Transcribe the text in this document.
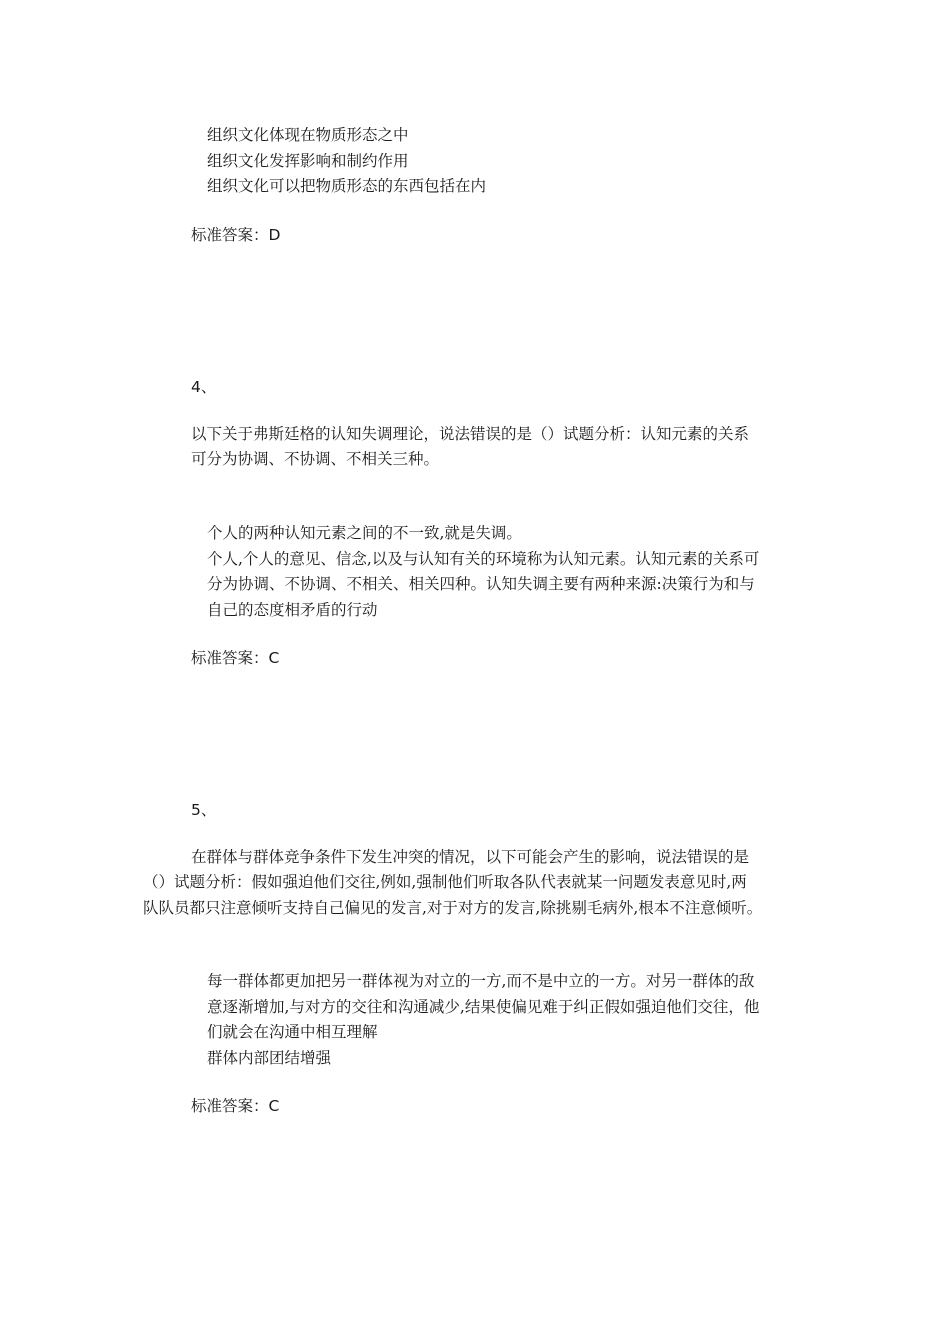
组织文化体现在物质形态之中
组织文化发挥影响和制约作用
组织文化可以把物质形态的东西包括在内
标准答案：D
4、
以下关于弗斯廷格的认知失调理论，说法错误的是（）试题分析：认知元素的关系
可分为协调、不协调、不相关三种。
个人的两种认知元素之间的不一致,就是失调。
个人,个人的意见、信念,以及与认知有关的环境称为认知元素。认知元素的关系可
分为协调、不协调、不相关、相关四种。认知失调主要有两种来源:决策行为和与
自己的态度相矛盾的行动
标准答案：C
5、
在群体与群体竞争条件下发生冲突的情况，以下可能会产生的影响，说法错误的是
（）试题分析：假如强迫他们交往,例如,强制他们听取各队代表就某一问题发表意见时,两
队队员都只注意倾听支持自己偏见的发言,对于对方的发言,除挑剔毛病外,根本不注意倾听。
每一群体都更加把另一群体视为对立的一方,而不是中立的一方。对另一群体的敌
意逐渐增加,与对方的交往和沟通减少,结果使偏见难于纠正假如强迫他们交往，他
们就会在沟通中相互理解
群体内部团结增强
标准答案：C
